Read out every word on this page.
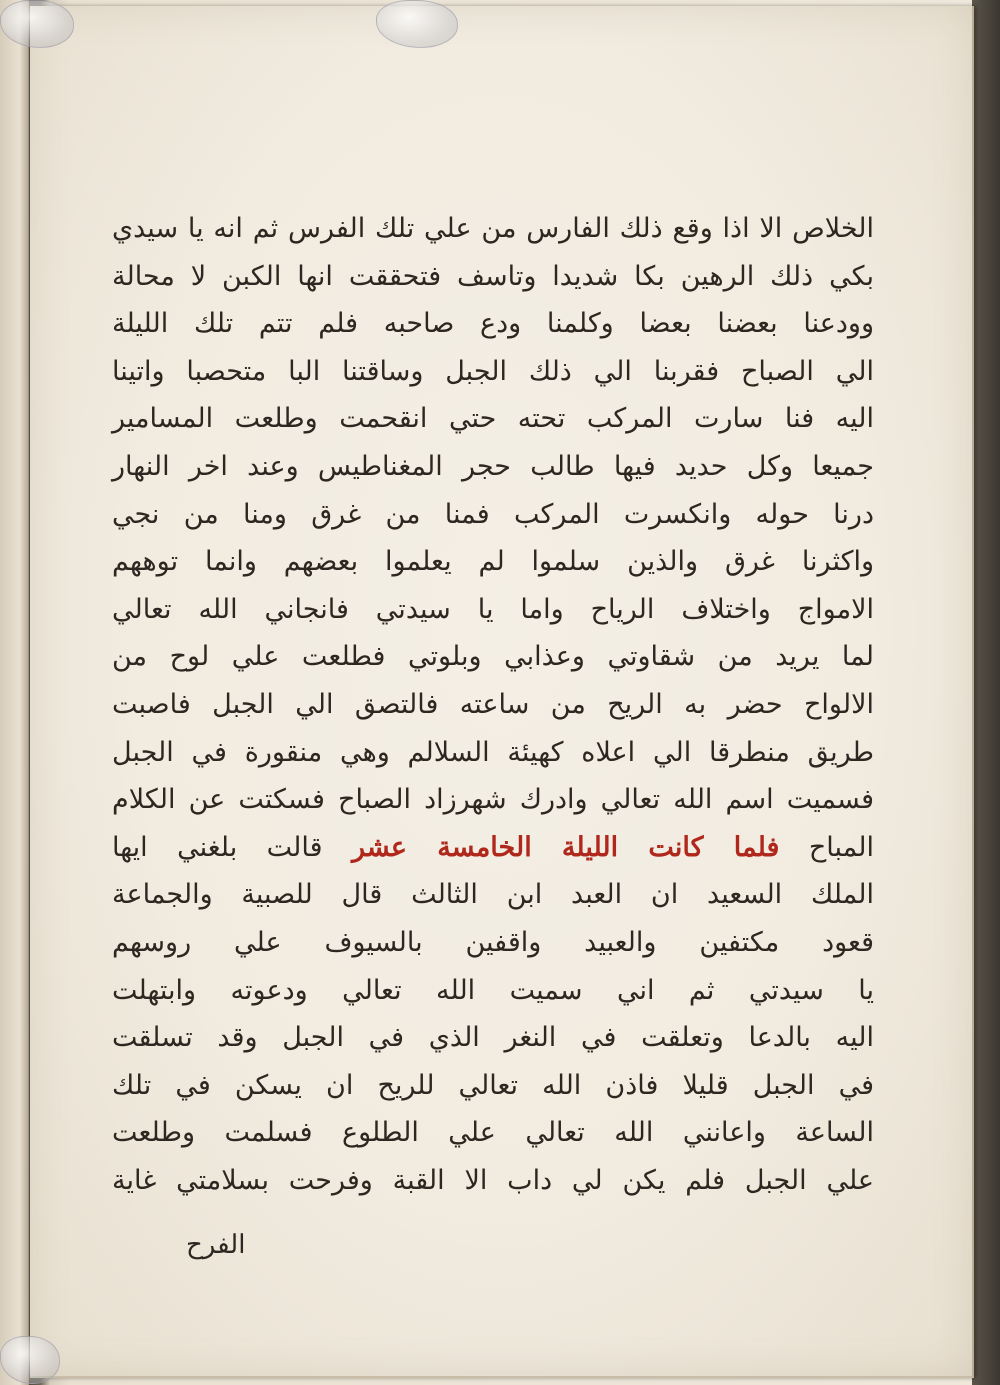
الخلاص الا اذا وقع ذلك الفارس من علي تلك الفرس ثم انه يا سيدي
بكي ذلك الرهين بكا شديدا وتاسف فتحققت انها الكبن لا محالة
وودعنا بعضنا بعضا وكلمنا ودع صاحبه فلم تتم تلك الليلة
الي الصباح فقربنا الي ذلك الجبل وساقتنا البا متحصبا واتينا
اليه فنا سارت المركب تحته حتي انقحمت وطلعت المسامير
جميعا وكل حديد فيها طالب حجر المغناطيس وعند اخر النهار
درنا حوله وانكسرت المركب فمنا من غرق ومنا من نجي
واكثرنا غرق والذين سلموا لم يعلموا بعضهم وانما توههم
الامواج واختلاف الرياح واما يا سيدتي فانجاني الله تعالي
لما يريد من شقاوتي وعذابي وبلوتي فطلعت علي لوح من
الالواح حضر به الريح من ساعته فالتصق الي الجبل فاصبت
طريق منطرقا الي اعلاه كهيئة السلالم وهي منقورة في الجبل
فسميت اسم الله تعالي وادرك شهرزاد الصباح فسكتت عن الكلام
المباح فلما كانت الليلة الخامسة عشر قالت بلغني ايها
الملك السعيد ان العبد ابن الثالث قال للصبية والجماعة
قعود مكتفين والعبيد واقفين بالسيوف علي روسهم
يا سيدتي ثم اني سميت الله تعالي ودعوته وابتهلت
اليه بالدعا وتعلقت في النغر الذي في الجبل وقد تسلقت
في الجبل قليلا فاذن الله تعالي للريح ان يسكن في تلك
الساعة واعانني الله تعالي علي الطلوع فسلمت وطلعت
علي الجبل فلم يكن لي داب الا القبة وفرحت بسلامتي غاية
الفرح
